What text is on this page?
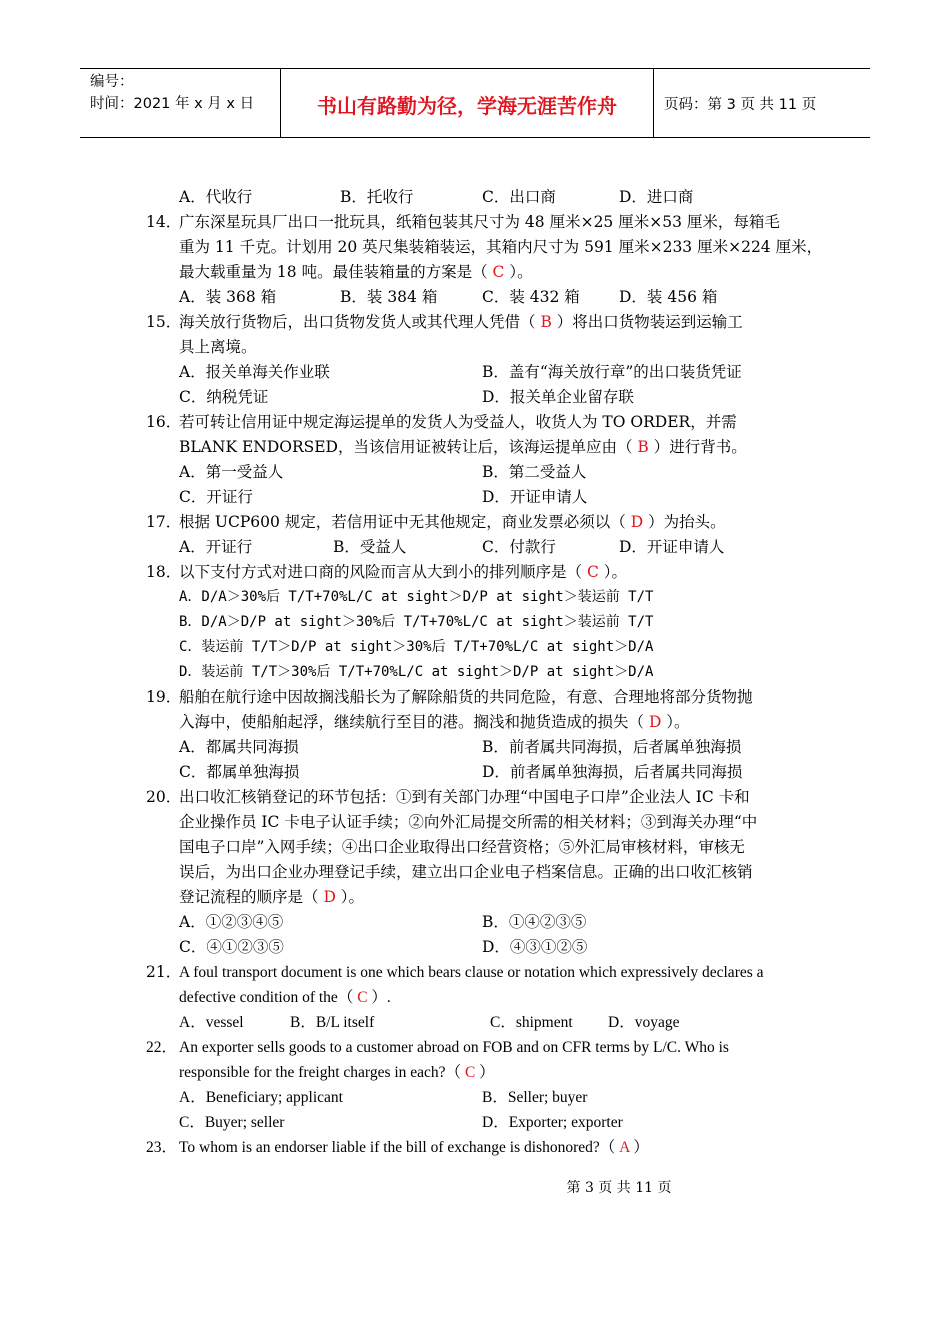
编号：
时间：2021 年 x 月 x 日	书山有路勤为径，学海无涯苦作舟	页码：第 3 页 共 11 页
A．代收行	B．托收行	C．出口商	D．进口商
14．
广东深星玩具厂出口一批玩具，纸箱包装其尺寸为 48 厘米×25 厘米×53 厘米，每箱毛
重为 11 千克。计划用 20 英尺集装箱装运，其箱内尺寸为 591 厘米×233 厘米×224 厘米，
最大载重量为 18 吨。最佳装箱量的方案是（ C ）。
A．装 368 箱	B．装 384 箱	C．装 432 箱	D．装 456 箱
15．
海关放行货物后，出口货物发货人或其代理人凭借（ B ）将出口货物装运到运输工
具上离境。
A．报关单海关作业联	B．盖有“海关放行章”的出口装货凭证
C．纳税凭证	D．报关单企业留存联
16．
若可转让信用证中规定海运提单的发货人为受益人，收货人为 TO ORDER，并需
BLANK ENDORSED，当该信用证被转让后，该海运提单应由（ B ）进行背书。
A．第一受益人	B．第二受益人
C．开证行	D．开证申请人
17．
根据 UCP600 规定，若信用证中无其他规定，商业发票必须以（ D ）为抬头。
A．开证行	B．受益人	C．付款行	D．开证申请人
18．
以下支付方式对进口商的风险而言从大到小的排列顺序是（ C ）。
A．D/A＞30%后 T/T+70%L/C at sight＞D/P at sight＞装运前 T/T
B．D/A＞D/P at sight＞30%后 T/T+70%L/C at sight＞装运前 T/T
C．装运前 T/T＞D/P at sight＞30%后 T/T+70%L/C at sight＞D/A
D．装运前 T/T＞30%后 T/T+70%L/C at sight＞D/P at sight＞D/A
19．
船舶在航行途中因故搁浅船长为了解除船货的共同危险，有意、合理地将部分货物抛
入海中，使船舶起浮，继续航行至目的港。搁浅和抛货造成的损失（ D ）。
A．都属共同海损	B．前者属共同海损，后者属单独海损
C．都属单独海损	D．前者属单独海损，后者属共同海损
20．
出口收汇核销登记的环节包括：①到有关部门办理“中国电子口岸”企业法人 IC 卡和
企业操作员 IC 卡电子认证手续；②向外汇局提交所需的相关材料；③到海关办理“中
国电子口岸”入网手续；④出口企业取得出口经营资格；⑤外汇局审核材料，审核无
误后，为出口企业办理登记手续，建立出口企业电子档案信息。正确的出口收汇核销
登记流程的顺序是（ D ）。
A．①②③④⑤	B．①④②③⑤
C．④①②③⑤	D．④③①②⑤
21．
A foul transport document is one which bears clause or notation which expressively declares a
defective condition of the（ C ）.
A．vessel	B．B/L itself	C．shipment D．voyage
22． An exporter sells goods to a customer abroad on FOB and on CFR terms by L/C. Who is
responsible for the freight charges in each?（ C ）
A．Beneficiary; applicant	B．Seller; buyer
C．Buyer; seller	D．Exporter; exporter
23． To whom is an endorser liable if the bill of exchange is dishonored?（ A ）
第 3 页 共 11 页
